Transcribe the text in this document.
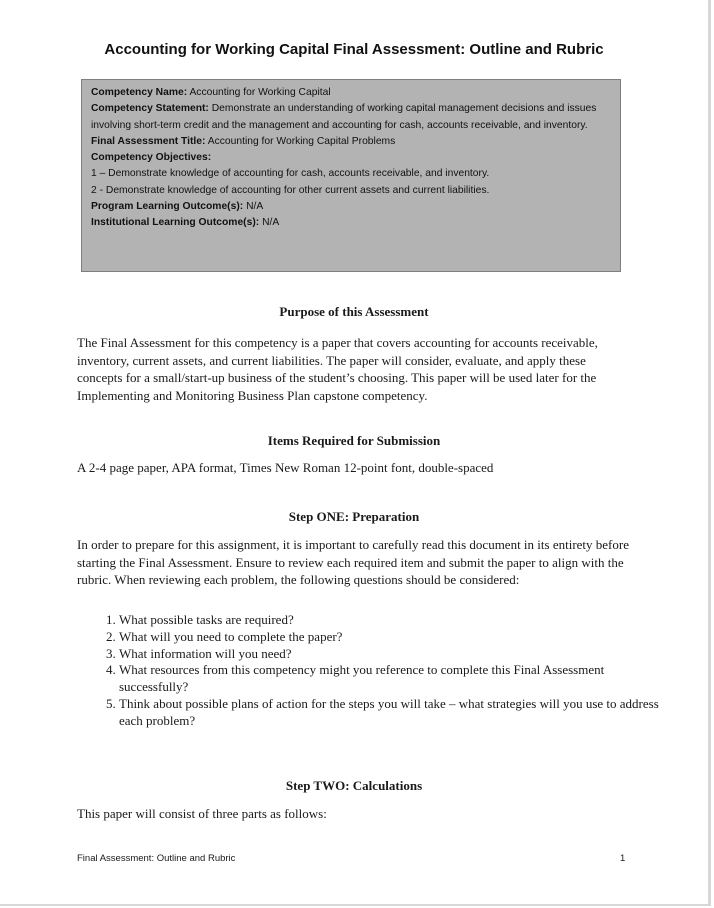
Accounting for Working Capital Final Assessment: Outline and Rubric
Competency Name: Accounting for Working Capital
Competency Statement: Demonstrate an understanding of working capital management decisions and issues involving short-term credit and the management and accounting for cash, accounts receivable, and inventory.
Final Assessment Title: Accounting for Working Capital Problems
Competency Objectives:
1 – Demonstrate knowledge of accounting for cash, accounts receivable, and inventory.
2 - Demonstrate knowledge of accounting for other current assets and current liabilities.
Program Learning Outcome(s): N/A
Institutional Learning Outcome(s): N/A
Purpose of this Assessment
The Final Assessment for this competency is a paper that covers accounting for accounts receivable, inventory, current assets, and current liabilities. The paper will consider, evaluate, and apply these concepts for a small/start-up business of the student’s choosing. This paper will be used later for the Implementing and Monitoring Business Plan capstone competency.
Items Required for Submission
A 2-4 page paper, APA format, Times New Roman 12-point font, double-spaced
Step ONE: Preparation
In order to prepare for this assignment, it is important to carefully read this document in its entirety before starting the Final Assessment. Ensure to review each required item and submit the paper to align with the rubric. When reviewing each problem, the following questions should be considered:
1. What possible tasks are required?
2. What will you need to complete the paper?
3. What information will you need?
4. What resources from this competency might you reference to complete this Final Assessment successfully?
5. Think about possible plans of action for the steps you will take – what strategies will you use to address each problem?
Step TWO: Calculations
This paper will consist of three parts as follows:
Final Assessment: Outline and Rubric	1
